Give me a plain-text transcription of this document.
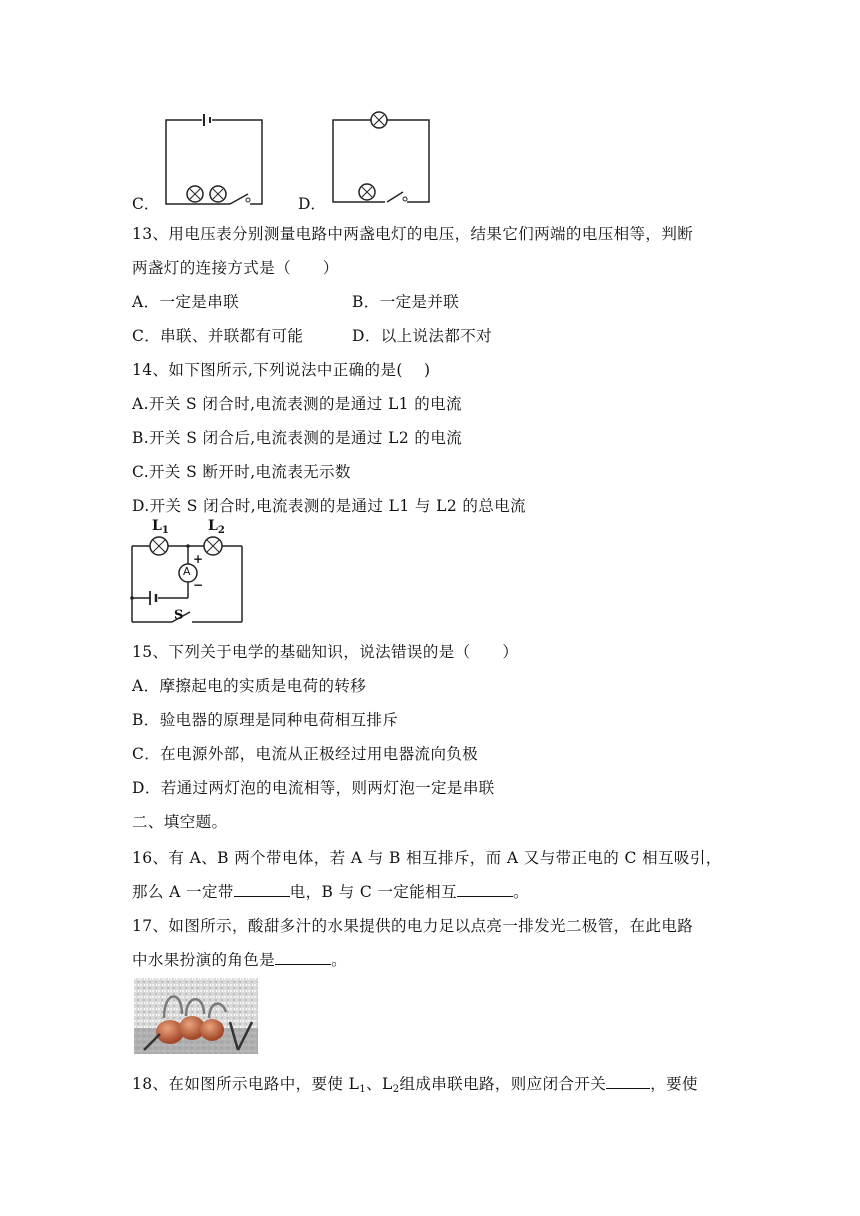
C．	D．
13、用电压表分别测量电路中两盏电灯的电压，结果它们两端的电压相等，判断
两盏灯的连接方式是（　　）
A．一定是串联	B．一定是并联
C．串联、并联都有可能	D．以上说法都不对
14、如下图所示,下列说法中正确的是(　 )
A.开关 S 闭合时,电流表测的是通过 L1 的电流
B.开关 S 闭合后,电流表测的是通过 L2 的电流
C.开关 S 断开时,电流表无示数
D.开关 S 闭合时,电流表测的是通过 L1 与 L2 的总电流
$L_1$	$L_2$
A
+
−
S
15、下列关于电学的基础知识，说法错误的是（　　）
A．摩擦起电的实质是电荷的转移
B．验电器的原理是同种电荷相互排斥
C．在电源外部，电流从正极经过用电器流向负极
D．若通过两灯泡的电流相等，则两灯泡一定是串联
二、填空题。
16、有 A、B 两个带电体，若 A 与 B 相互排斥，而 A 又与带正电的 C 相互吸引，
那么 A 一定带	电，B 与 C 一定能相互	。
17、如图所示，酸甜多汁的水果提供的电力足以点亮一排发光二极管，在此电路
中水果扮演的角色是	。
18、在如图所示电路中，要使 $L_1$、$L_2$组成串联电路，则应闭合开关	，要使
